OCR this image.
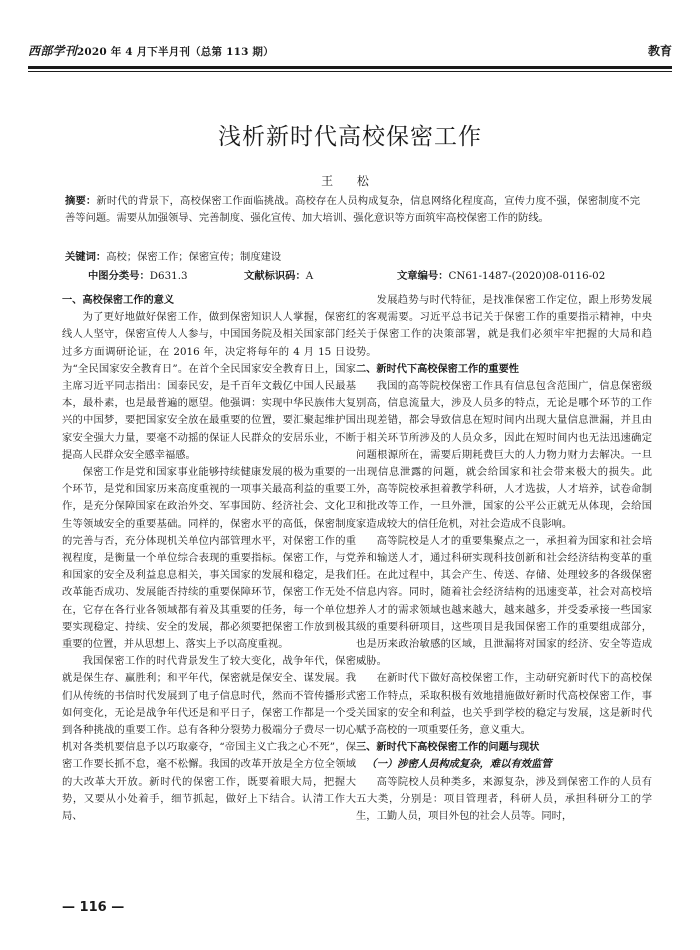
西部学刊2020 年 4 月下半月刊（总第 113 期）	教育
浅析新时代高校保密工作
王 松
摘要：新时代的背景下，高校保密工作面临挑战。高校存在人员构成复杂，信息网络化程度高，宣传力度不强，保密制度不完善等问题。需要从加强领导、完善制度、强化宣传、加大培训、强化意识等方面筑牢高校保密工作的防线。
关键词：高校；保密工作；保密宣传；制度建设
中图分类号：D631.3	文献标识码：A	文章编号：CN61-1487-(2020)08-0116-02

一、高校保密工作的意义

为了更好地做好保密工作，做到保密知识人人掌握，保密红线人人坚守，保密宣传人人参与，中国国务院及相关国家部门经过多方面调研论证，在 2016 年，决定将每年的 4 月 15 日设为“全民国家安全教育日”。在首个全民国家安全教育日上，国家主席习近平同志指出：国泰民安，是千百年文载亿中国人民最基本，最朴素，也是最普遍的愿望。他强调：实现中华民族伟大复兴的中国梦，要把国家安全放在最重要的位置，要汇聚起维护国家安全强大力量，要毫不动摇的保证人民群众的安居乐业，不断提高人民群众安全感幸福感。

保密工作是党和国家事业能够持续健康发展的极为重要的一个环节，是党和国家历来高度重视的一项事关最高利益的重要工作，是充分保障国家在政治外交、军事国防、经济社会、文化卫生等领域安全的重要基础。同样的，保密水平的高低，保密制度的完善与否，充分体现机关单位内部管理水平，对保密工作的重视程度，是衡量一个单位综合表现的重要指标。保密工作，与党和国家的安全及利益息息相关，事关国家的发展和稳定，是我们改革能否成功、发展能否持续的重要保障环节，保密工作无处不在，它存在各行业各领域都有着及其重要的任务，每一个单位想要实现稳定、持续、安全的发展，都必须要把保密工作放到极其重要的位置，并从思想上、落实上予以高度重视。

我国保密工作的时代背景发生了较大变化，战争年代，保密就是保生存、赢胜利；和平年代，保密就是保安全、谋发展。我们从传统的书信时代发展到了电子信息时代，然而不管传播形式如何变化，无论是战争年代还是和平日子，保密工作都是一个受到各种挑战的重要工作。总有各种分裂势力极端分子费尽一切心机对各类机要信息予以巧取豪夺，“帝国主义亡我之心不死”，保密工作要长抓不怠，毫不松懈。我国的改革开放是全方位全领域的大改革大开放。新时代的保密工作，既要着眼大局，把握大势，又要从小处着手，细节抓起，做好上下结合。认清工作大局、

发展趋势与时代特征，是找准保密工作定位，跟上形势发展的客观需要。习近平总书记关于保密工作的重要指示精神，中央关于保密工作的决策部署，就是我们必须牢牢把握的大局和趋势。

二、新时代下高校保密工作的重要性

我国的高等院校保密工作具有信息包含范围广，信息保密级别高，信息流量大，涉及人员多的特点，无论是哪个环节的工作出现差错，都会导致信息在短时间内出现大量信息泄漏，并且由于相关环节所涉及的人员众多，因此在短时间内也无法迅速确定问题根源所在，需要后期耗费巨大的人力物力财力去解决。一旦出现信息泄露的问题，就会给国家和社会带来极大的损失。此外，高等院校承担着教学科研，人才选拔，人才培养，试卷命制和批改等工作，一旦外泄，国家的公平公正就无从体现，会给国家造成较大的信任危机，对社会造成不良影响。

高等院校是人才的重要集聚点之一，承担着为国家和社会培养和输送人才，通过科研实现科技创新和社会经济结构变革的重任。在此过程中，其会产生、传送、存储、处理较多的各级保密信息内容。同时，随着社会经济结构的迅速变革，社会对高校培养人才的需求领域也越来越大，越来越多，并受委承接一些国家级的重要科研项目，这些项目是我国保密工作的重要组成部分，也是历来政治敏感的区域，且泄漏将对国家的经济、安全等造成威胁。

在新时代下做好高校保密工作，主动研究新时代下的高校保密工作特点，采取积极有效地措施做好新时代高校保密工作，事关国家的安全和利益，也关乎到学校的稳定与发展，这是新时代赋予高校的一项重要任务，意义重大。

三、新时代下高校保密工作的问题与现状

（一）涉密人员构成复杂，难以有效监管

高等院校人员种类多，来源复杂，涉及到保密工作的人员有五大类，分别是：项目管理者，科研人员，承担科研分工的学生，工勤人员，项目外包的社会人员等。同时，

— 116 —
